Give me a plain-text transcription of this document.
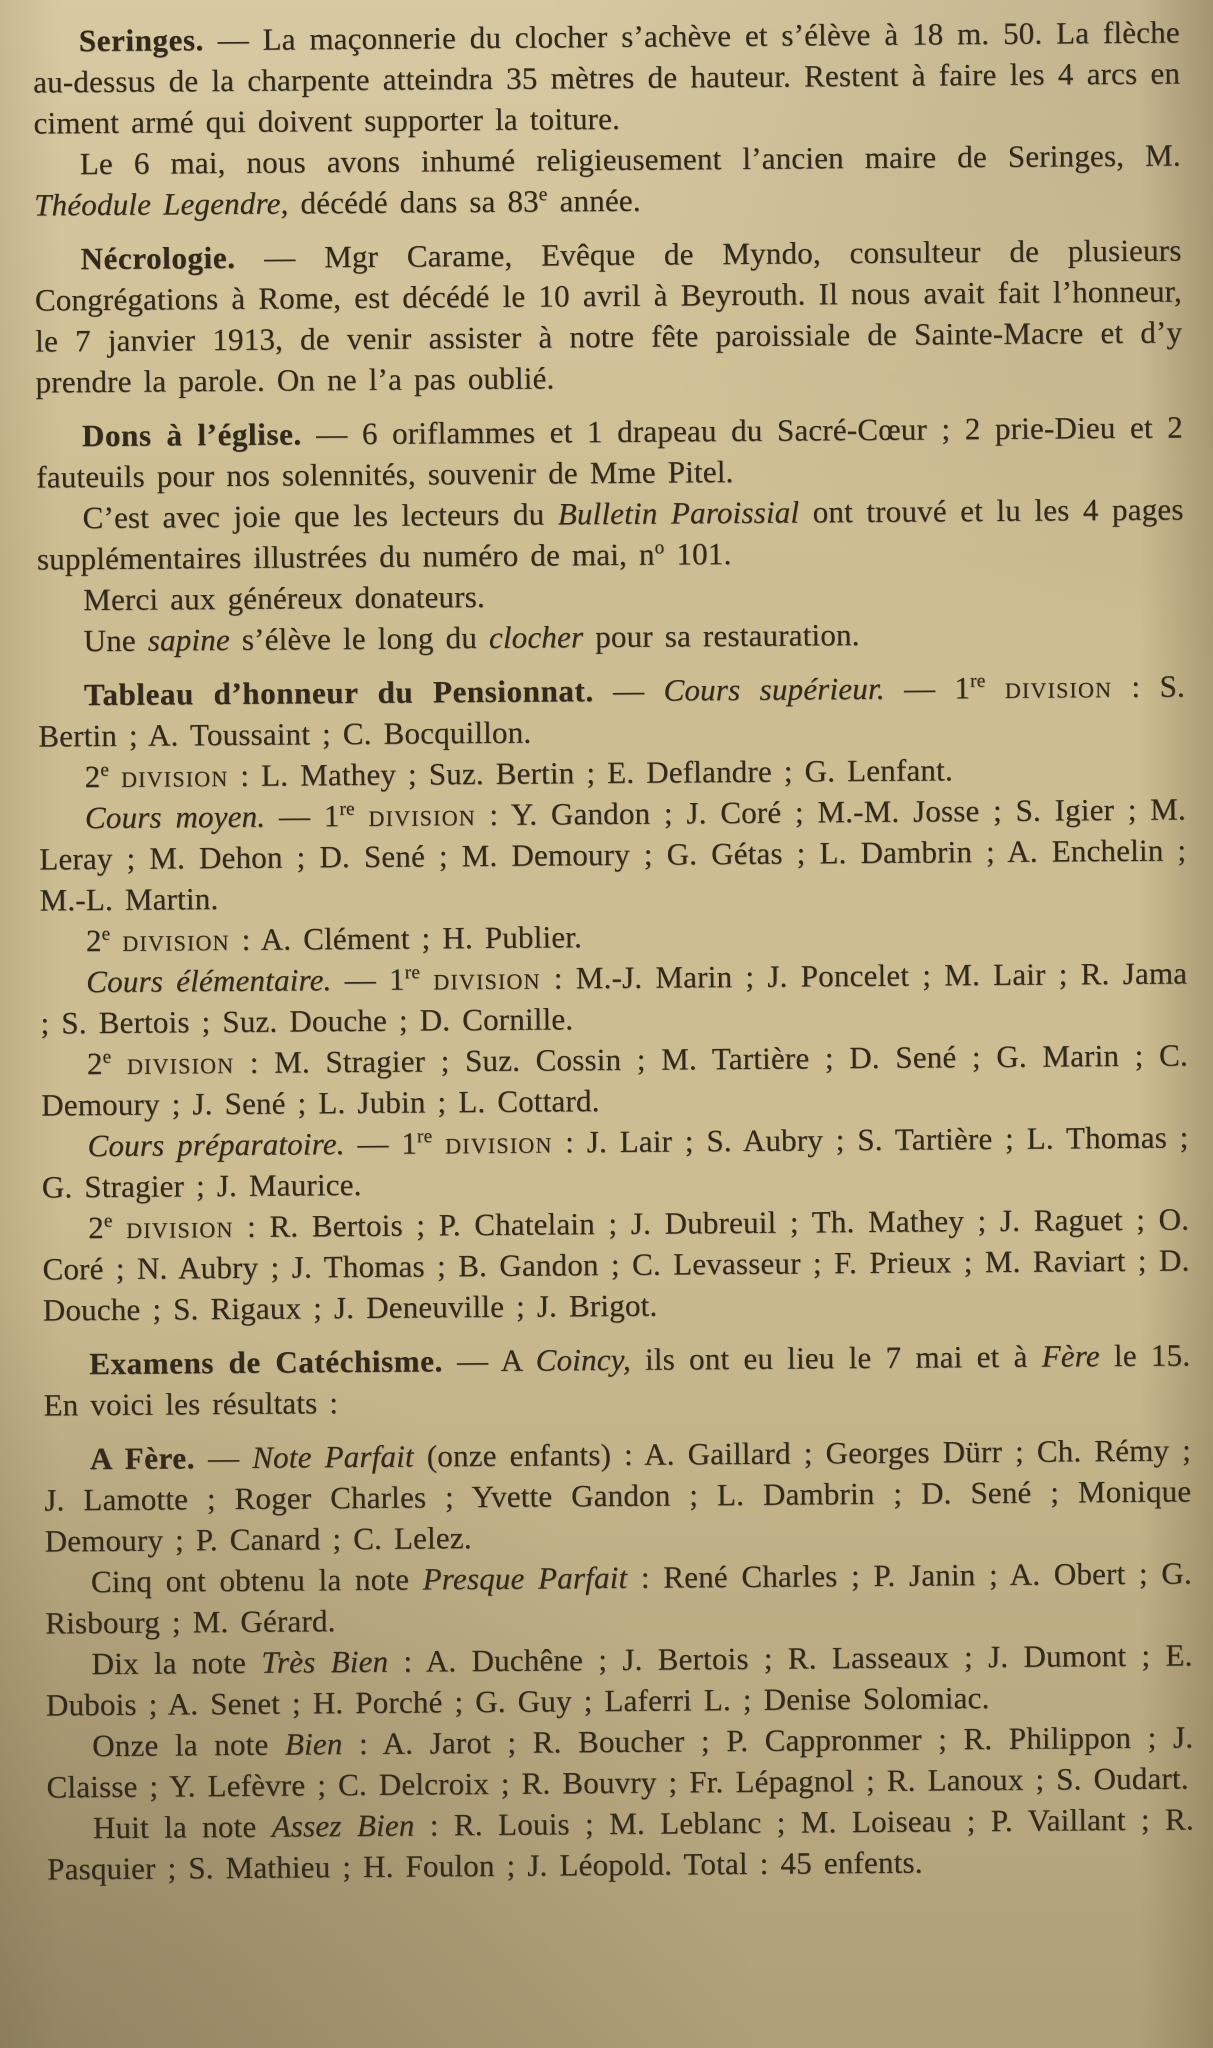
Seringes. — La maçonnerie du clocher s’achève et s’élève à 18 m. 50. La flèche au-dessus de la charpente atteindra 35 mètres de hauteur. Restent à faire les 4 arcs en ciment armé qui doivent supporter la toiture.

Le 6 mai, nous avons inhumé religieusement l’ancien maire de Seringes, M. Théodule Legendre, décédé dans sa 83e année.

Nécrologie. — Mgr Carame, Evêque de Myndo, consulteur de plusieurs Congrégations à Rome, est décédé le 10 avril à Beyrouth. Il nous avait fait l’honneur, le 7 janvier 1913, de venir assister à notre fête paroissiale de Sainte-Macre et d’y prendre la parole. On ne l’a pas oublié.

Dons à l’église. — 6 oriflammes et 1 drapeau du Sacré-Cœur ; 2 prie-Dieu et 2 fauteuils pour nos solennités, souvenir de Mme Pitel.

C’est avec joie que les lecteurs du Bulletin Paroissial ont trouvé et lu les 4 pages supplémentaires illustrées du numéro de mai, $n^o$ 101.

Merci aux généreux donateurs.

Une sapine s’élève le long du clocher pour sa restauration.

Tableau d’honneur du Pensionnat. — Cours supérieur. — 1re division : S. Bertin ; A. Toussaint ; C. Bocquillon.

2e division : L. Mathey ; Suz. Bertin ; E. Deflandre ; G. Lenfant.

Cours moyen. — 1re division : Y. Gandon ; J. Coré ; M.-M. Josse ; S. Igier ; M. Leray ; M. Dehon ; D. Sené ; M. Demoury ; G. Gétas ; L. Dambrin ; A. Enchelin ; M.-L. Martin.

2e division : A. Clément ; H. Publier.

Cours élémentaire. — 1re division : M.-J. Marin ; J. Poncelet ; M. Lair ; R. Jama ; S. Bertois ; Suz. Douche ; D. Cornille.

2e division : M. Stragier ; Suz. Cossin ; M. Tartière ; D. Sené ; G. Marin ; C. Demoury ; J. Sené ; L. Jubin ; L. Cottard.

Cours préparatoire. — 1re division : J. Lair ; S. Aubry ; S. Tartière ; L. Thomas ; G. Stragier ; J. Maurice.

2e division : R. Bertois ; P. Chatelain ; J. Dubreuil ; Th. Mathey ; J. Raguet ; O. Coré ; N. Aubry ; J. Thomas ; B. Gandon ; C. Levasseur ; F. Prieux ; M. Raviart ; D. Douche ; S. Rigaux ; J. Deneuville ; J. Brigot.

Examens de Catéchisme. — A Coincy, ils ont eu lieu le 7 mai et à Fère le 15. En voici les résultats :

A Fère. — Note Parfait (onze enfants) : A. Gaillard ; Georges Dürr ; Ch. Rémy ; J. Lamotte ; Roger Charles ; Yvette Gandon ; L. Dambrin ; D. Sené ; Monique Demoury ; P. Canard ; C. Lelez.

Cinq ont obtenu la note Presque Parfait : René Charles ; P. Janin ; A. Obert ; G. Risbourg ; M. Gérard.

Dix la note Très Bien : A. Duchêne ; J. Bertois ; R. Lasseaux ; J. Dumont ; E. Dubois ; A. Senet ; H. Porché ; G. Guy ; Laferri L. ; Denise Solomiac.

Onze la note Bien : A. Jarot ; R. Boucher ; P. Cappronmer ; R. Philippon ; J. Claisse ; Y. Lefèvre ; C. Delcroix ; R. Bouvry ; Fr. Lépagnol ; R. Lanoux ; S. Oudart.

Huit la note Assez Bien : R. Louis ; M. Leblanc ; M. Loiseau ; P. Vaillant ; R. Pasquier ; S. Mathieu ; H. Foulon ; J. Léopold. Total : 45 enfents.
